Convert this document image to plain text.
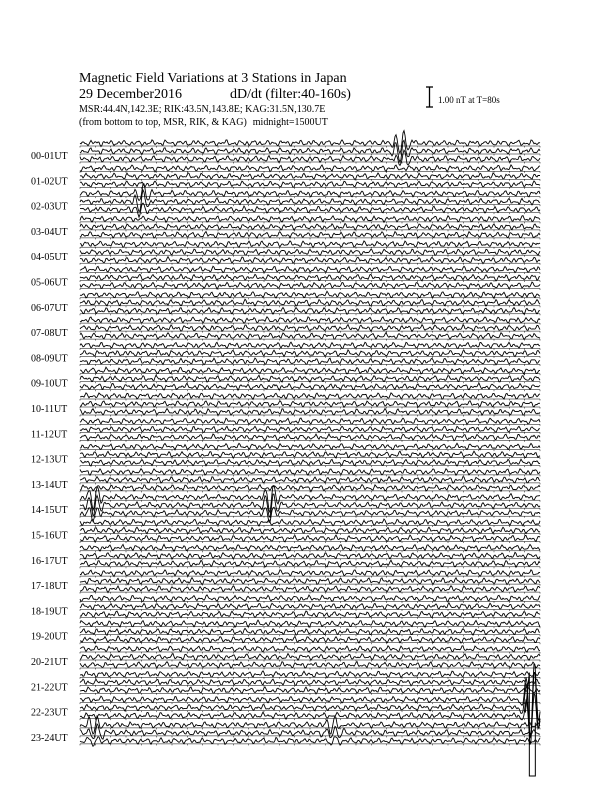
Magnetic Field Variations at 3 Stations in Japan
29 December2016	dD/dt (filter:40-160s)
MSR:44.4N,142.3E; RIK:43.5N,143.8E; KAG:31.5N,130.7E
(from bottom to top, MSR, RIK, & KAG) midnight=1500UT
1.00 nT at T=80s
00-01UT
01-02UT
02-03UT
03-04UT
04-05UT
05-06UT
06-07UT
07-08UT
08-09UT
09-10UT
10-11UT
11-12UT
12-13UT
13-14UT
14-15UT
15-16UT
16-17UT
17-18UT
18-19UT
19-20UT
20-21UT
21-22UT
22-23UT
23-24UT
